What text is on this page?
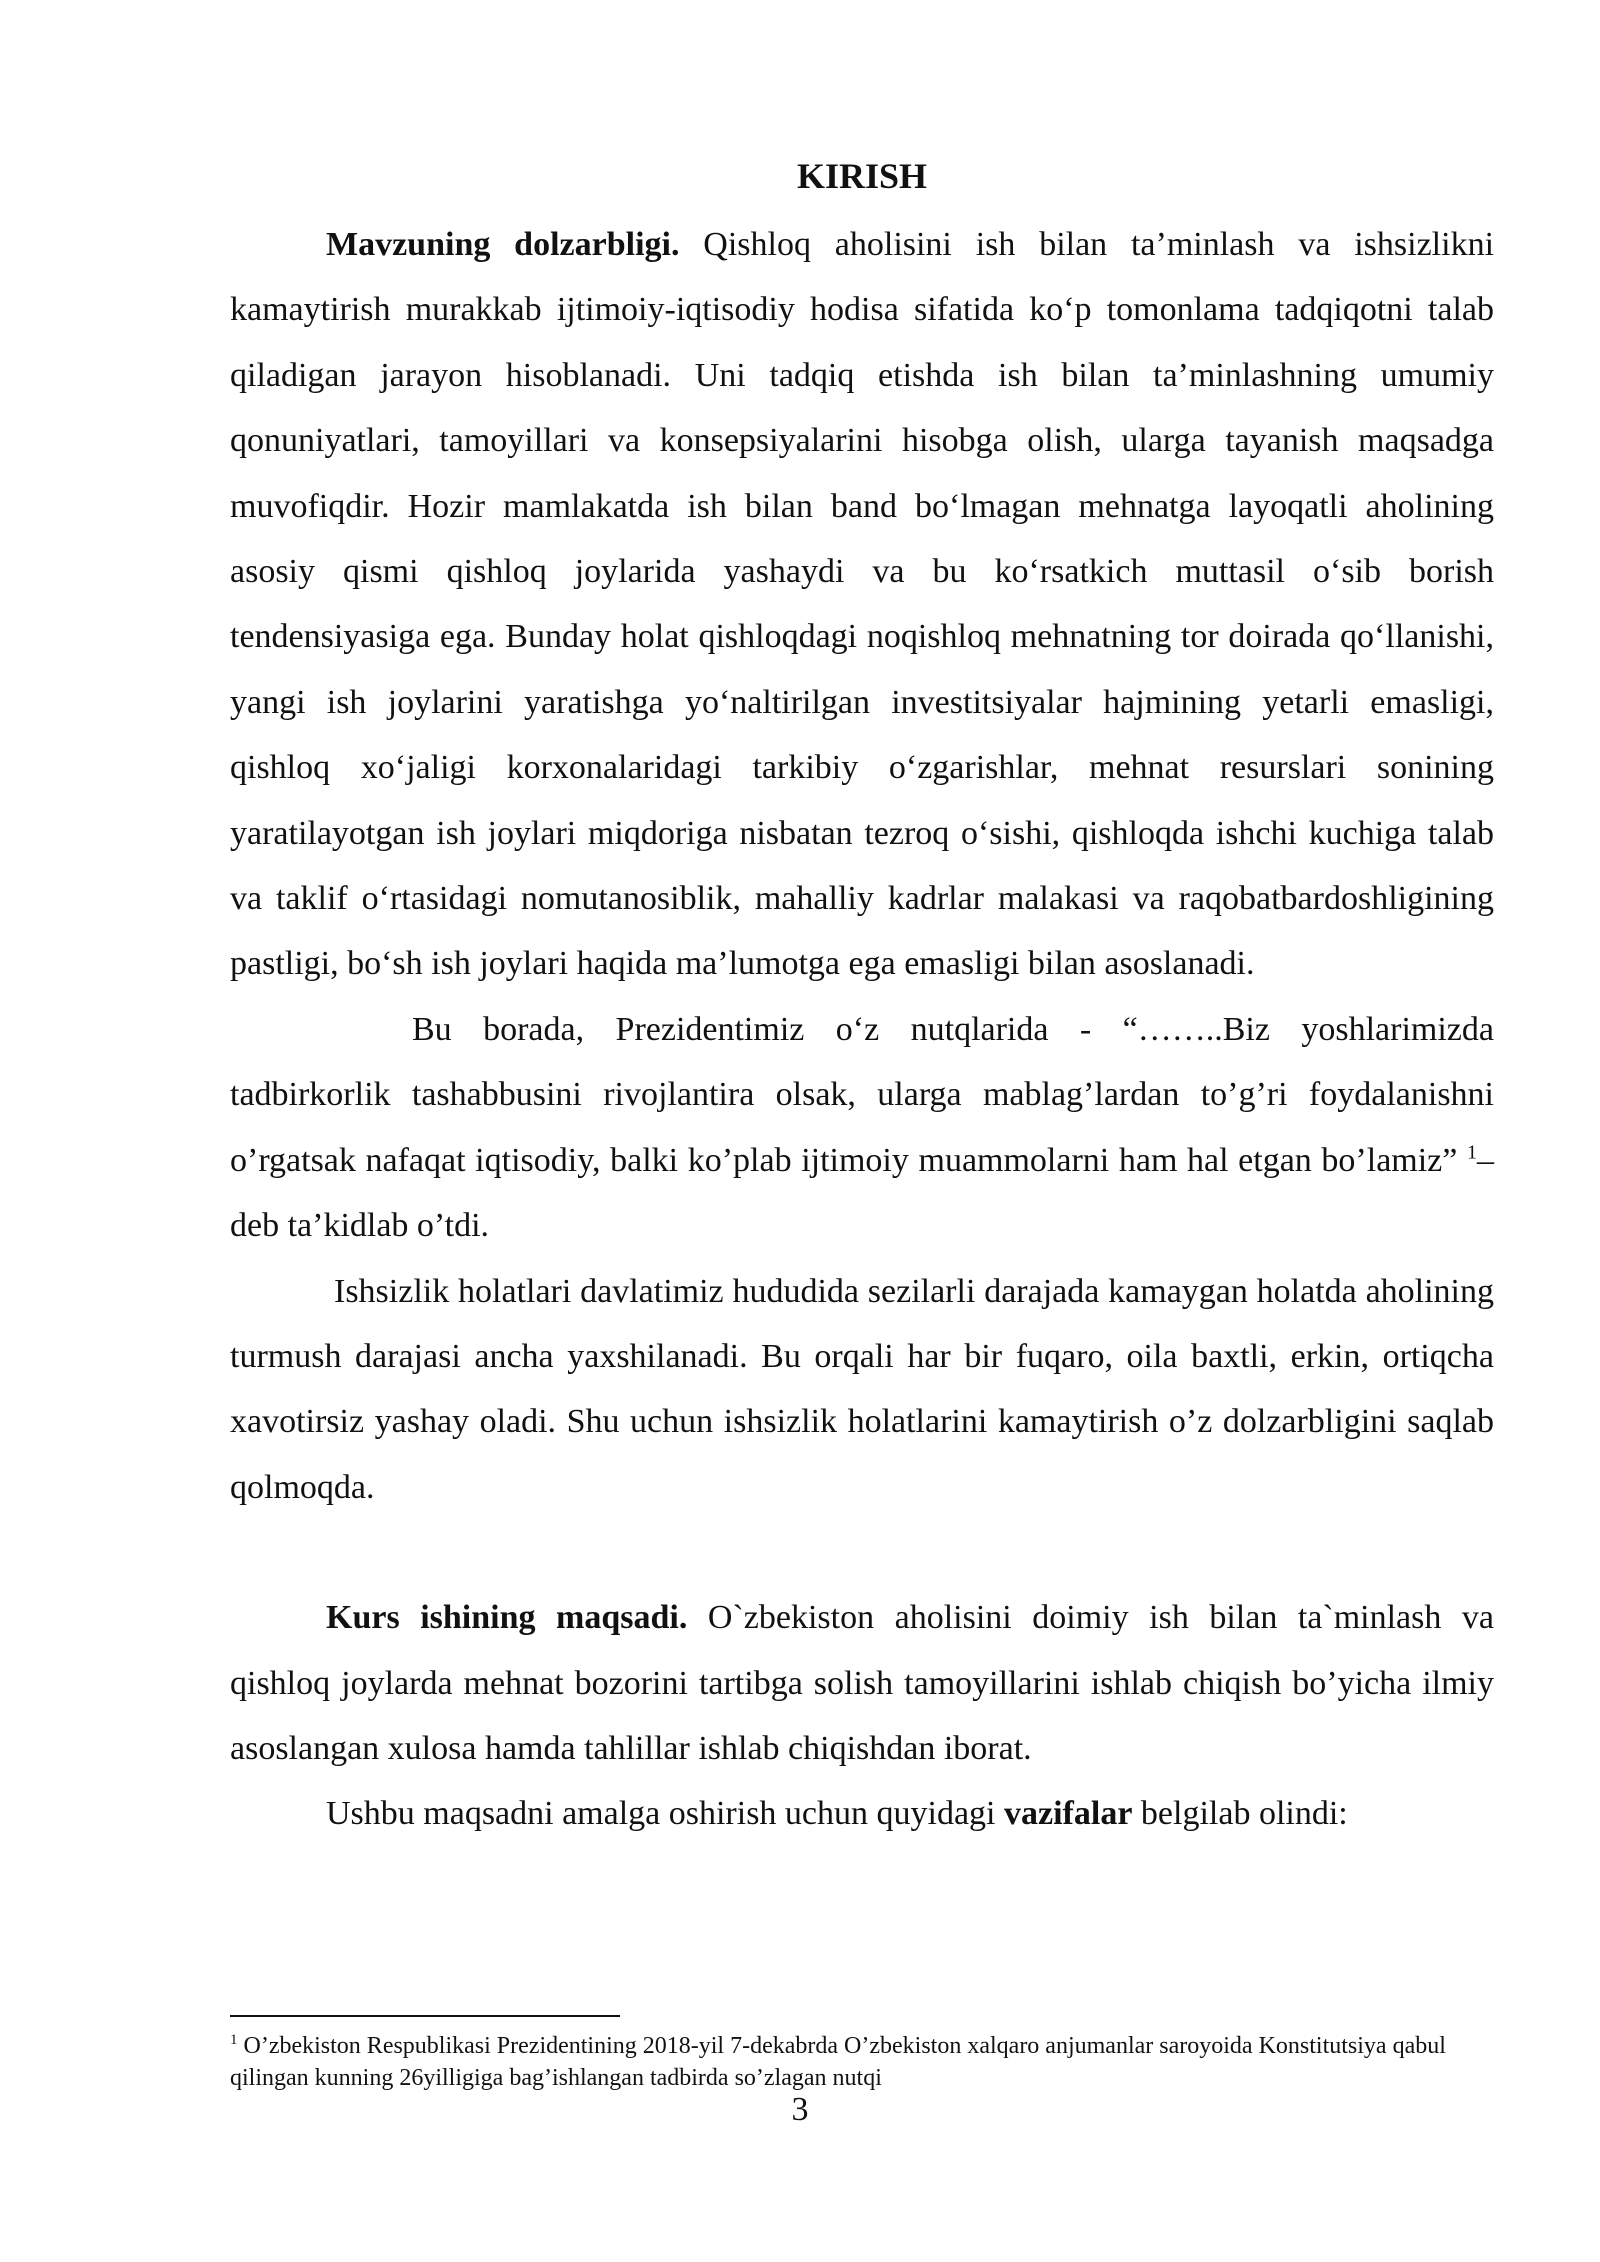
KIRISH

Mavzuning dolzarbligi. Qishloq aholisini ish bilan ta’minlash va ishsizlikni kamaytirish murakkab ijtimoiy-iqtisodiy hodisa sifatida ko‘p tomonlama tadqiqotni talab qiladigan jarayon hisoblanadi. Uni tadqiq etishda ish bilan ta’minlashning umumiy qonuniyatlari, tamoyillari va konsepsiyalarini hisobga olish, ularga tayanish maqsadga muvofiqdir. Hozir mamlakatda ish bilan band bo‘lmagan mehnatga layoqatli aholining asosiy qismi qishloq joylarida yashaydi va bu ko‘rsatkich muttasil o‘sib borish tendensiyasiga ega. Bunday holat qishloqdagi noqishloq mehnatning tor doirada qo‘llanishi, yangi ish joylarini yaratishga yo‘naltirilgan investitsiyalar hajmining yetarli emasligi, qishloq xo‘jaligi korxonalaridagi tarkibiy o‘zgarishlar, mehnat resurslari sonining yaratilayotgan ish joylari miqdoriga nisbatan tezroq o‘sishi, qishloqda ishchi kuchiga talab va taklif o‘rtasidagi nomutanosiblik, mahalliy kadrlar malakasi va raqobatbardoshligining pastligi, bo‘sh ish joylari haqida ma’lumotga ega emasligi bilan asoslanadi.

Bu borada, Prezidentimiz o‘z nutqlarida - “……..Biz yoshlarimizda tadbirkorlik tashabbusini rivojlantira olsak, ularga mablag’lardan to’g’ri foydalanishni o’rgatsak nafaqat iqtisodiy, balki ko’plab ijtimoiy muammolarni ham hal etgan bo’lamiz” $^1$– deb ta’kidlab o’tdi.

Ishsizlik holatlari davlatimiz hududida sezilarli darajada kamaygan holatda aholining turmush darajasi ancha yaxshilanadi. Bu orqali har bir fuqaro, oila baxtli, erkin, ortiqcha xavotirsiz yashay oladi. Shu uchun ishsizlik holatlarini kamaytirish o’z dolzarbligini saqlab qolmoqda.

Kurs ishining maqsadi. O`zbekiston aholisini doimiy ish bilan ta`minlash va qishloq joylarda mehnat bozorini tartibga solish tamoyillarini ishlab chiqish bo’yicha ilmiy asoslangan xulosa hamda tahlillar ishlab chiqishdan iborat.

Ushbu maqsadni amalga oshirish uchun quyidagi vazifalar belgilab olindi:

$^1$ O’zbekiston Respublikasi Prezidentining 2018-yil 7-dekabrda O’zbekiston xalqaro anjumanlar saroyoida Konstitutsiya qabul qilingan kunning 26yilligiga bag’ishlangan tadbirda so’zlagan nutqi
3
